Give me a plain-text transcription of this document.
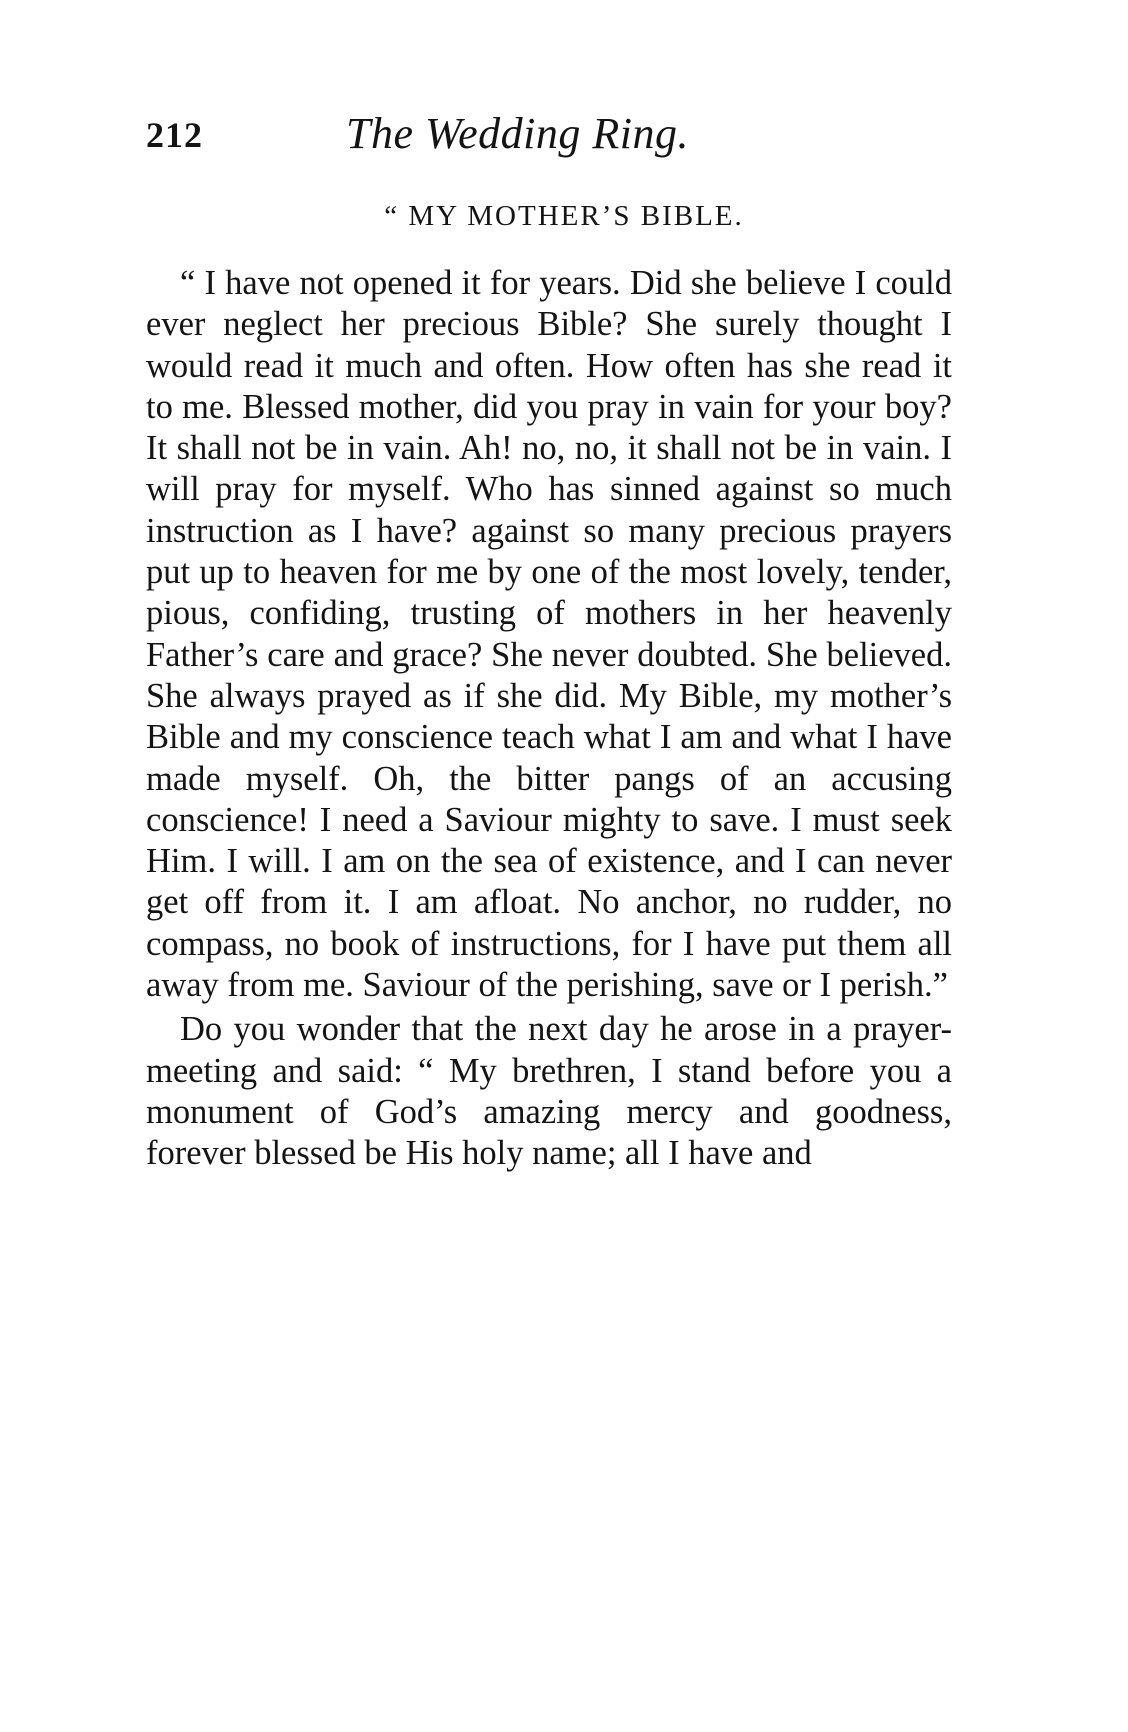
212	The Wedding Ring.
“ MY MOTHER’S BIBLE.

“ I have not opened it for years. Did she believe I could ever neglect her precious Bible? She surely thought I would read it much and often. How often has she read it to me. Blessed mother, did you pray in vain for your boy? It shall not be in vain. Ah! no, no, it shall not be in vain. I will pray for myself. Who has sinned against so much instruction as I have? against so many precious prayers put up to heaven for me by one of the most lovely, tender, pious, confiding, trusting of mothers in her heavenly Father’s care and grace? She never doubted. She believed. She always prayed as if she did. My Bible, my mother’s Bible and my conscience teach what I am and what I have made myself. Oh, the bitter pangs of an accusing conscience! I need a Saviour mighty to save. I must seek Him. I will. I am on the sea of existence, and I can never get off from it. I am afloat. No anchor, no rudder, no compass, no book of instructions, for I have put them all away from me. Saviour of the perishing, save or I perish.”

Do you wonder that the next day he arose in a prayer-meeting and said: “ My brethren, I stand before you a monument of God’s amazing mercy and goodness, forever blessed be His holy name; all I have and
